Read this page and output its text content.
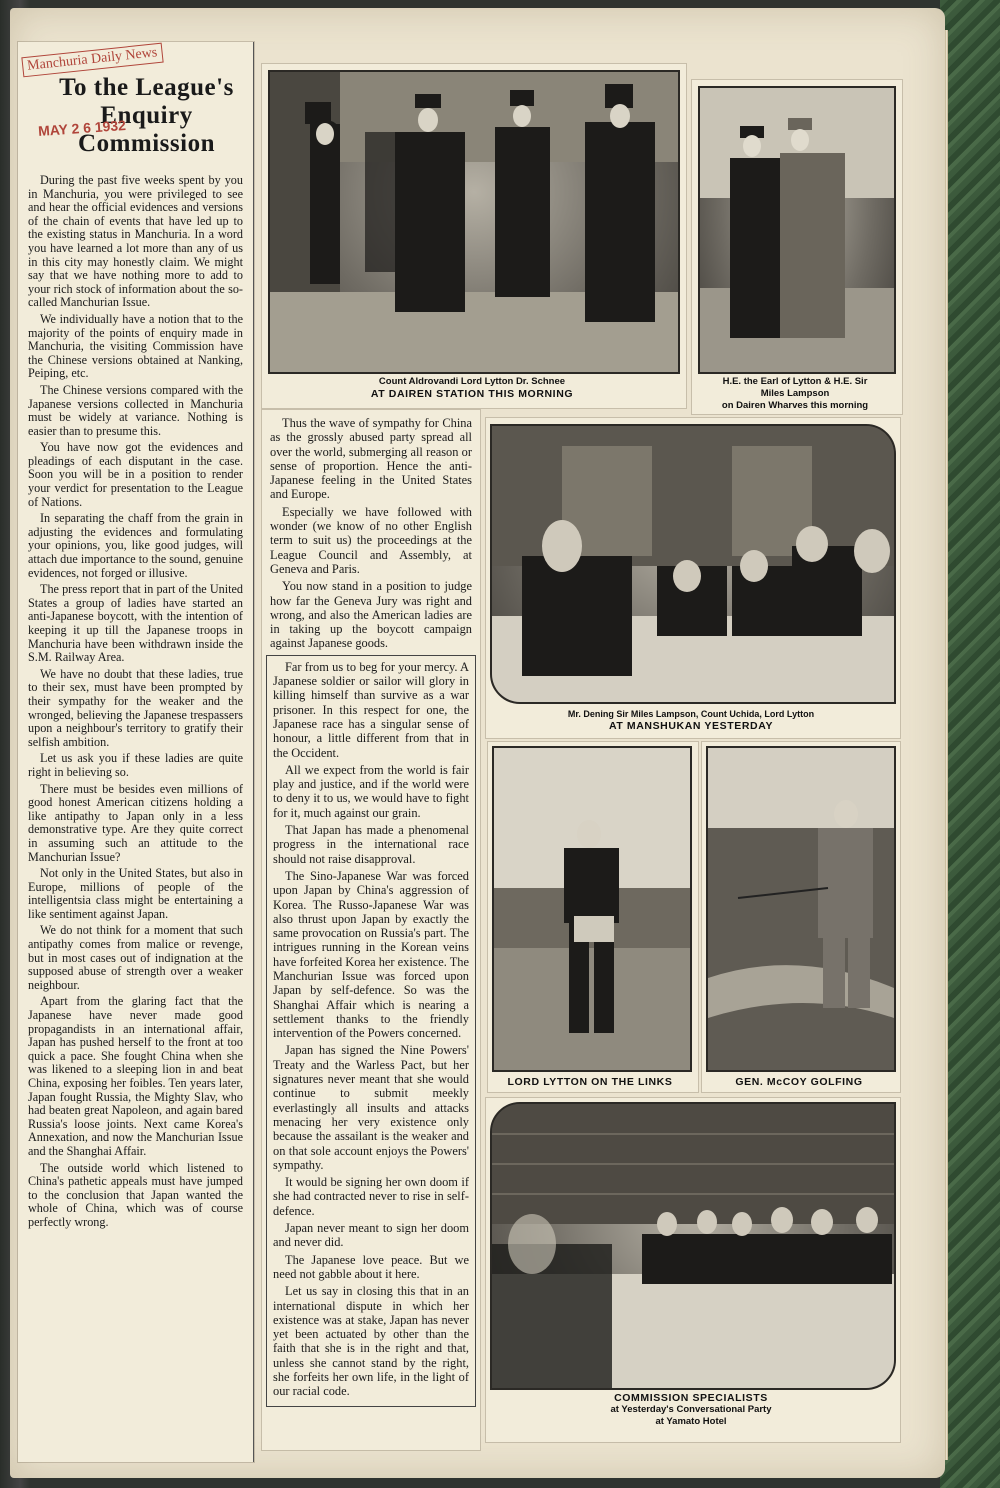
To the League's
Enquiry
Commission

During the past five weeks spent by you in Manchuria, you were privileged to see and hear the official evidences and versions of the chain of events that have led up to the existing status in Manchuria. In a word you have learned a lot more than any of us in this city may honestly claim. We might say that we have nothing more to add to your rich stock of information about the so-called Manchurian Issue.

We individually have a notion that to the majority of the points of enquiry made in Manchuria, the visiting Commission have the Chinese versions obtained at Nanking, Peiping, etc.

The Chinese versions compared with the Japanese versions collected in Manchuria must be widely at variance. Nothing is easier than to presume this.

You have now got the evidences and pleadings of each disputant in the case. Soon you will be in a position to render your verdict for presentation to the League of Nations.

In separating the chaff from the grain in adjusting the evidences and formulating your opinions, you, like good judges, will attach due importance to the sound, genuine evidences, not forged or illusive.

The press report that in part of the United States a group of ladies have started an anti-Japanese boycott, with the intention of keeping it up till the Japanese troops in Manchuria have been withdrawn inside the S.M. Railway Area.

We have no doubt that these ladies, true to their sex, must have been prompted by their sympathy for the weaker and the wronged, believing the Japanese trespassers upon a neighbour's territory to gratify their selfish ambition.

Let us ask you if these ladies are quite right in believing so.

There must be besides even millions of good honest American citizens holding a like antipathy to Japan only in a less demonstrative type. Are they quite correct in assuming such an attitude to the Manchurian Issue?

Not only in the United States, but also in Europe, millions of people of the intelligentsia class might be entertaining a like sentiment against Japan.

We do not think for a moment that such antipathy comes from malice or revenge, but in most cases out of indignation at the supposed abuse of strength over a weaker neighbour.

Apart from the glaring fact that the Japanese have never made good propagandists in an international affair, Japan has pushed herself to the front at too quick a pace. She fought China when she was likened to a sleeping lion in and beat China, exposing her foibles. Ten years later, Japan fought Russia, the Mighty Slav, who had beaten great Napoleon, and again bared Russia's loose joints. Next came Korea's Annexation, and now the Manchurian Issue and the Shanghai Affair.

The outside world which listened to China's pathetic appeals must have jumped to the conclusion that Japan wanted the whole of China, which was of course perfectly wrong.

Manchuria Daily News
MAY 2 6 1932

Thus the wave of sympathy for China as the grossly abused party spread all over the world, submerging all reason or sense of proportion. Hence the anti-Japanese feeling in the United States and Europe.

Especially we have followed with wonder (we know of no other English term to suit us) the proceedings at the League Council and Assembly, at Geneva and Paris.

You now stand in a position to judge how far the Geneva Jury was right and wrong, and also the American ladies are in taking up the boycott campaign against Japanese goods.

Far from us to beg for your mercy. A Japanese soldier or sailor will glory in killing himself than survive as a war prisoner. In this respect for one, the Japanese race has a singular sense of honour, a little different from that in the Occident.

All we expect from the world is fair play and justice, and if the world were to deny it to us, we would have to fight for it, much against our grain.

That Japan has made a phenomenal progress in the international race should not raise disapproval.

The Sino-Japanese War was forced upon Japan by China's aggression of Korea. The Russo-Japanese War was also thrust upon Japan by exactly the same provocation on Russia's part. The intrigues running in the Korean veins have forfeited Korea her existence. The Manchurian Issue was forced upon Japan by self-defence. So was the Shanghai Affair which is nearing a settlement thanks to the friendly intervention of the Powers concerned.

Japan has signed the Nine Powers' Treaty and the Warless Pact, but her signatures never meant that she would continue to submit meekly everlastingly all insults and attacks menacing her very existence only because the assailant is the weaker and on that sole account enjoys the Powers' sympathy.

It would be signing her own doom if she had contracted never to rise in self-defence.

Japan never meant to sign her doom and never did.

The Japanese love peace. But we need not gabble about it here.

Let us say in closing this that in an international dispute in which her existence was at stake, Japan has never yet been actuated by other than the faith that she is in the right and that, unless she cannot stand by the right, she forfeits her own life, in the light of our racial code.

Count Aldrovandi Lord Lytton Dr. Schnee
AT DAIREN STATION THIS MORNING
H.E. the Earl of Lytton & H.E. Sir
Miles Lampson
on Dairen Wharves this morning
Mr. Dening Sir Miles Lampson, Count Uchida, Lord Lytton
AT MANSHUKAN YESTERDAY
LORD LYTTON ON THE LINKS	GEN. McCOY GOLFING
COMMISSION SPECIALISTS
at Yesterday's Conversational Party
at Yamato Hotel
